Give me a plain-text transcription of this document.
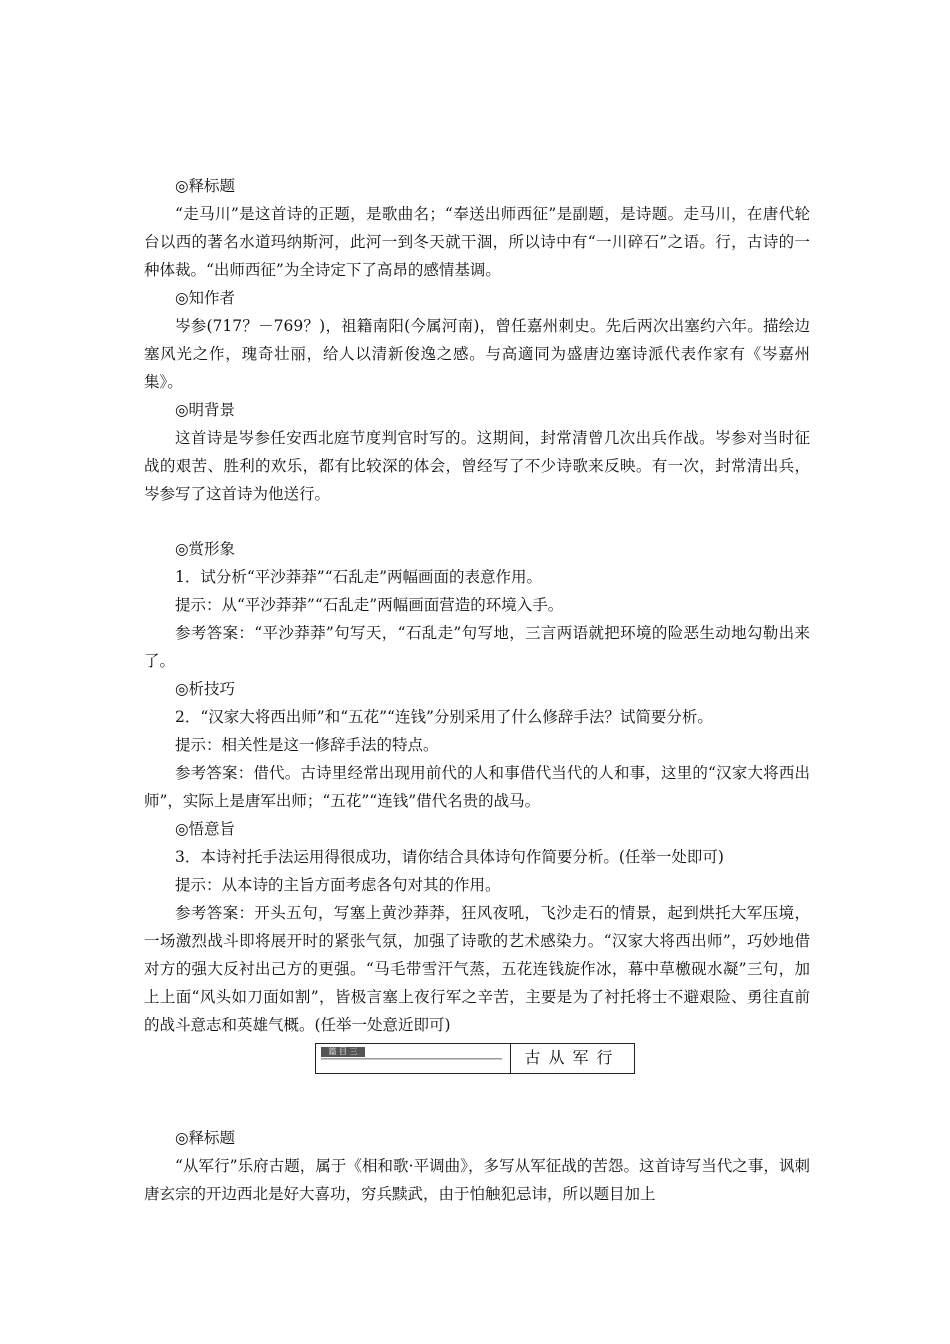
◎释标题

“走马川”是这首诗的正题，是歌曲名；“奉送出师西征”是副题，是诗题。走马川，在唐代轮台以西的著名水道玛纳斯河，此河一到冬天就干涸，所以诗中有“一川碎石”之语。行，古诗的一种体裁。“出师西征”为全诗定下了高昂的感情基调。

◎知作者

岑参(717？－769？)，祖籍南阳(今属河南)，曾任嘉州刺史。先后两次出塞约六年。描绘边塞风光之作，瑰奇壮丽，给人以清新俊逸之感。与高適同为盛唐边塞诗派代表作家有《岑嘉州集》。

◎明背景

这首诗是岑参任安西北庭节度判官时写的。这期间，封常清曾几次出兵作战。岑参对当时征战的艰苦、胜利的欢乐，都有比较深的体会，曾经写了不少诗歌来反映。有一次，封常清出兵，岑参写了这首诗为他送行。

◎赏形象

1．试分析“平沙莽莽”“石乱走”两幅画面的表意作用。

提示：从“平沙莽莽”“石乱走”两幅画面营造的环境入手。

参考答案：“平沙莽莽”句写天，“石乱走”句写地，三言两语就把环境的险恶生动地勾勒出来了。

◎析技巧

2．“汉家大将西出师”和“五花”“连钱”分别采用了什么修辞手法？试简要分析。

提示：相关性是这一修辞手法的特点。

参考答案：借代。古诗里经常出现用前代的人和事借代当代的人和事，这里的“汉家大将西出师”，实际上是唐军出师；“五花”“连钱”借代名贵的战马。

◎悟意旨

3．本诗衬托手法运用得很成功，请你结合具体诗句作简要分析。(任举一处即可)

提示：从本诗的主旨方面考虑各句对其的作用。

参考答案：开头五句，写塞上黄沙莽莽，狂风夜吼，飞沙走石的情景，起到烘托大军压境，一场激烈战斗即将展开时的紧张气氛，加强了诗歌的艺术感染力。“汉家大将西出师”，巧妙地借对方的强大反衬出己方的更强。“马毛带雪汗气蒸，五花连钱旋作冰，幕中草檄砚水凝”三句，加上上面“风头如刀面如割”，皆极言塞上夜行军之辛苦，主要是为了衬托将士不避艰险、勇往直前的战斗意志和英雄气概。(任举一处意近即可)

篇 目 三	古从军行

◎释标题

“从军行”乐府古题，属于《相和歌·平调曲》，多写从军征战的苦怨。这首诗写当代之事，讽刺唐玄宗的开边西北是好大喜功，穷兵黩武，由于怕触犯忌讳，所以题目加上
